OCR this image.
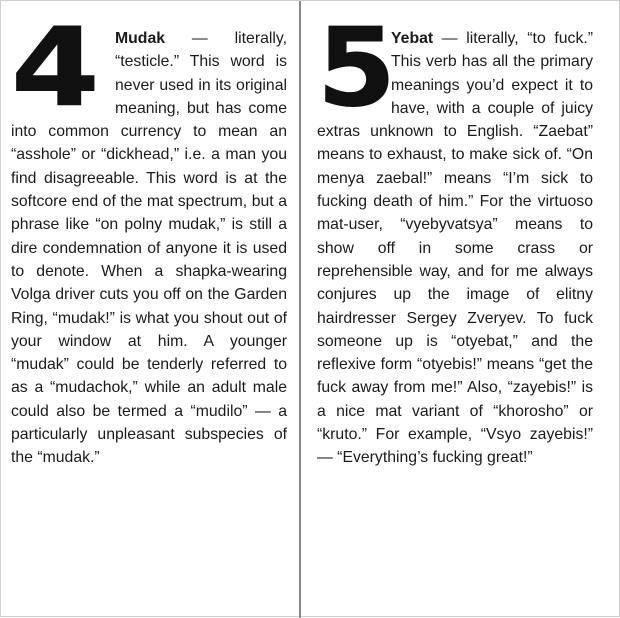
4	Mudak — literally, “testicle.” This word is never used in its original meaning, but has come into common currency to mean an “asshole” or “dickhead,” i.e. a man you find disagreeable. This word is at the softcore end of the mat spectrum, but a phrase like “on polny mudak,” is still a dire condemnation of anyone it is used to denote. When a shapka-wearing Volga driver cuts you off on the Garden Ring, “mudak!” is what you shout out of your window at him. A younger “mudak” could be tenderly referred to as a “mudachok,” while an adult male could also be termed a “mudilo” — a particularly unpleasant subspecies of the “mudak.”

5

Yebat — literally, “to fuck.” This verb has all the primary meanings you’d expect it to have, with a couple of juicy extras unknown to English. “Zaebat” means to exhaust, to make sick of. “On menya zaebal!” means “I’m sick to fucking death of him.” For the virtuoso mat-user, “vyebyvatsya” means to show off in some crass or reprehensible way, and for me always conjures up the image of elitny hairdresser Sergey Zveryev. To fuck someone up is “otyebat,” and the reflexive form “otyebis!” means “get the fuck away from me!” Also, “zayebis!” is a nice mat variant of “khorosho” or “kruto.” For example, “Vsyo zayebis!” — “Everything’s fucking great!”
